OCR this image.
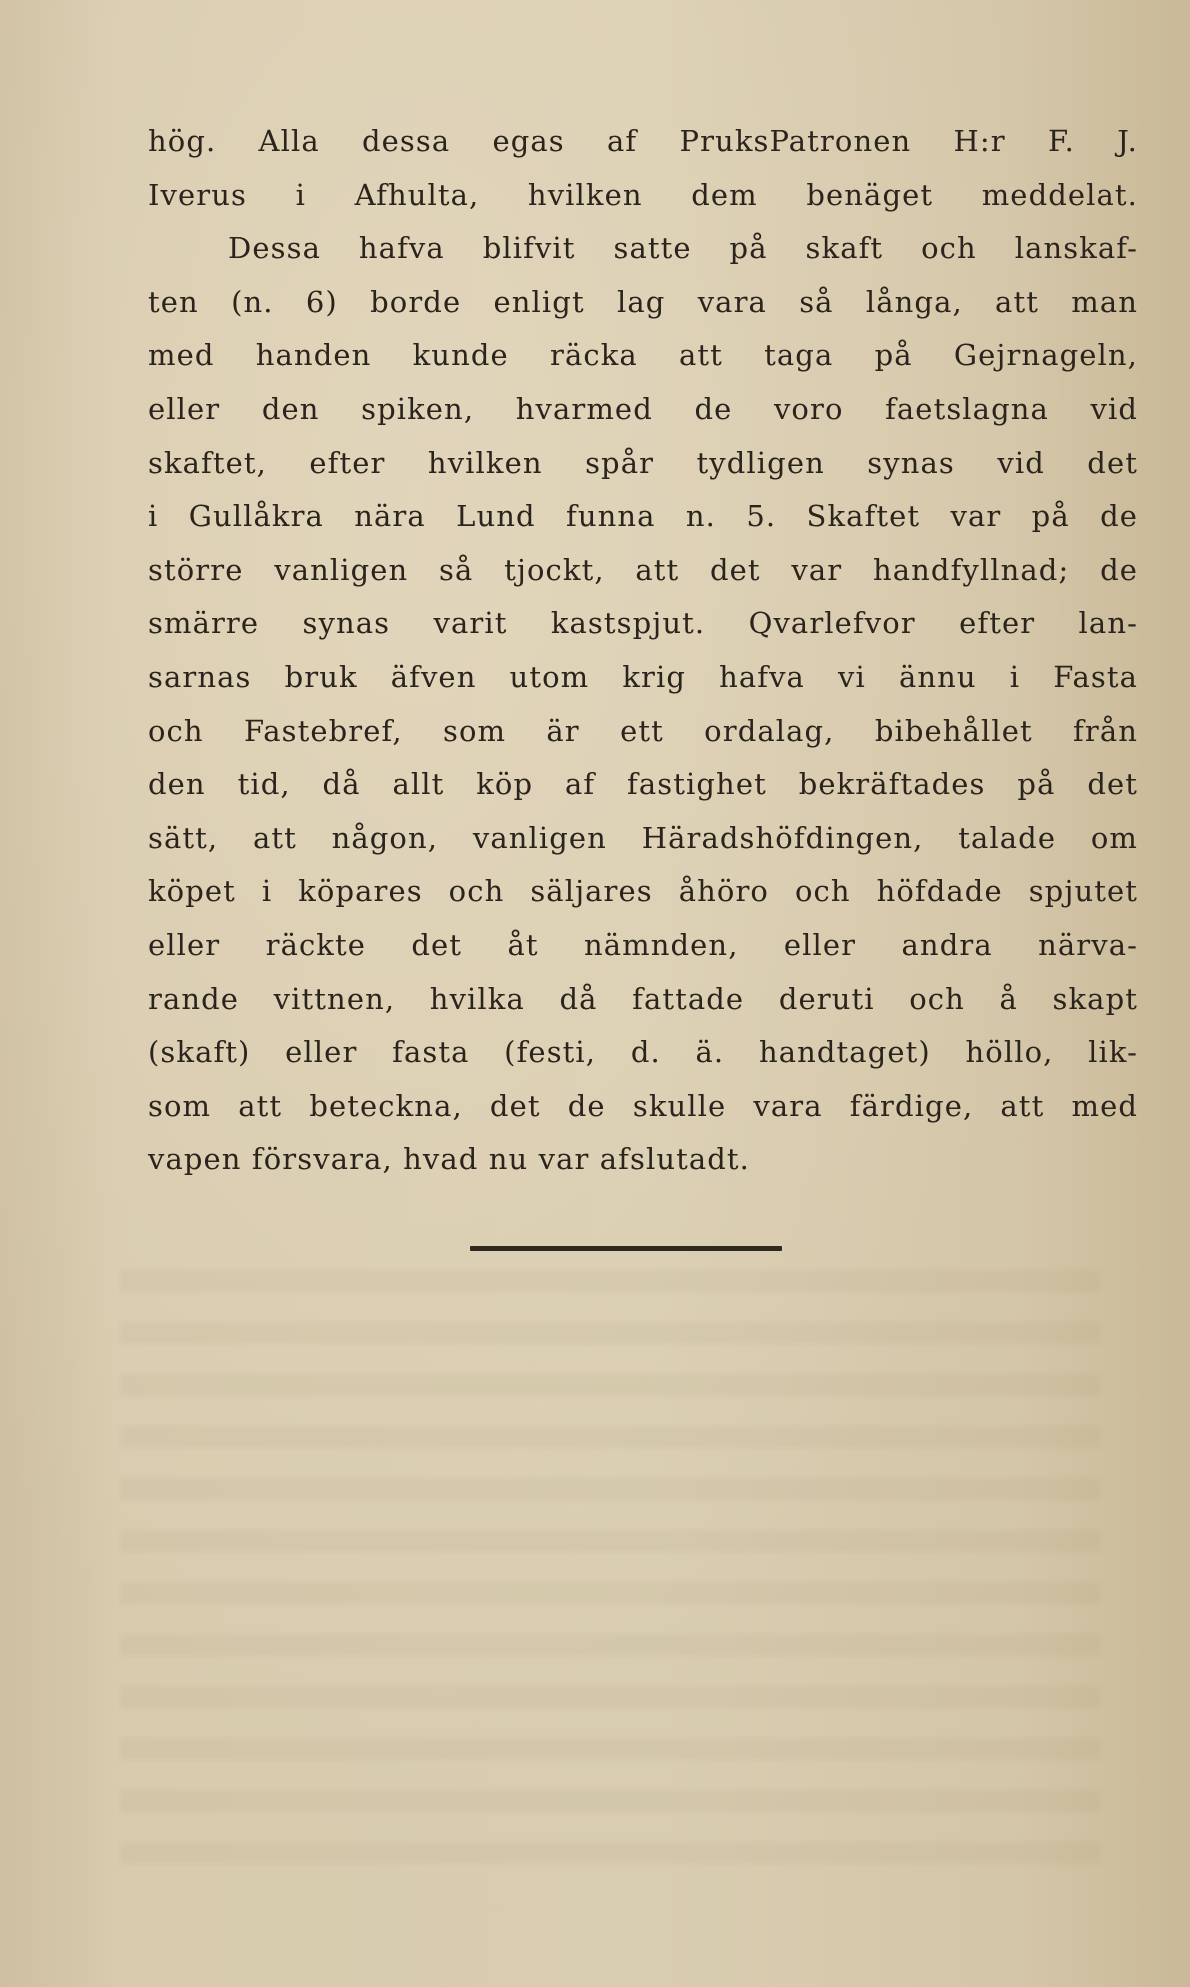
hög. Alla dessa egas af PruksPatronen H:r F. J.
Iverus i Afhulta, hvilken dem benäget meddelat.
Dessa hafva blifvit satte på skaft och lanskaf-
ten (n. 6) borde enligt lag vara så långa, att man
med handen kunde räcka att taga på Gejrnageln,
eller den spiken, hvarmed de voro faetslagna vid
skaftet, efter hvilken spår tydligen synas vid det
i Gullåkra nära Lund funna n. 5. Skaftet var på de
större vanligen så tjockt, att det var handfyllnad; de
smärre synas varit kastspjut. Qvarlefvor efter lan-
sarnas bruk äfven utom krig hafva vi ännu i Fasta
och Fastebref, som är ett ordalag, bibehållet från
den tid, då allt köp af fastighet bekräftades på det
sätt, att någon, vanligen Häradshöfdingen, talade om
köpet i köpares och säljares åhöro och höfdade spjutet
eller räckte det åt nämnden, eller andra närva-
rande vittnen, hvilka då fattade deruti och å skapt
(skaft) eller fasta (festi, d. ä. handtaget) höllo, lik-
som att beteckna, det de skulle vara färdige, att med
vapen försvara, hvad nu var afslutadt.
